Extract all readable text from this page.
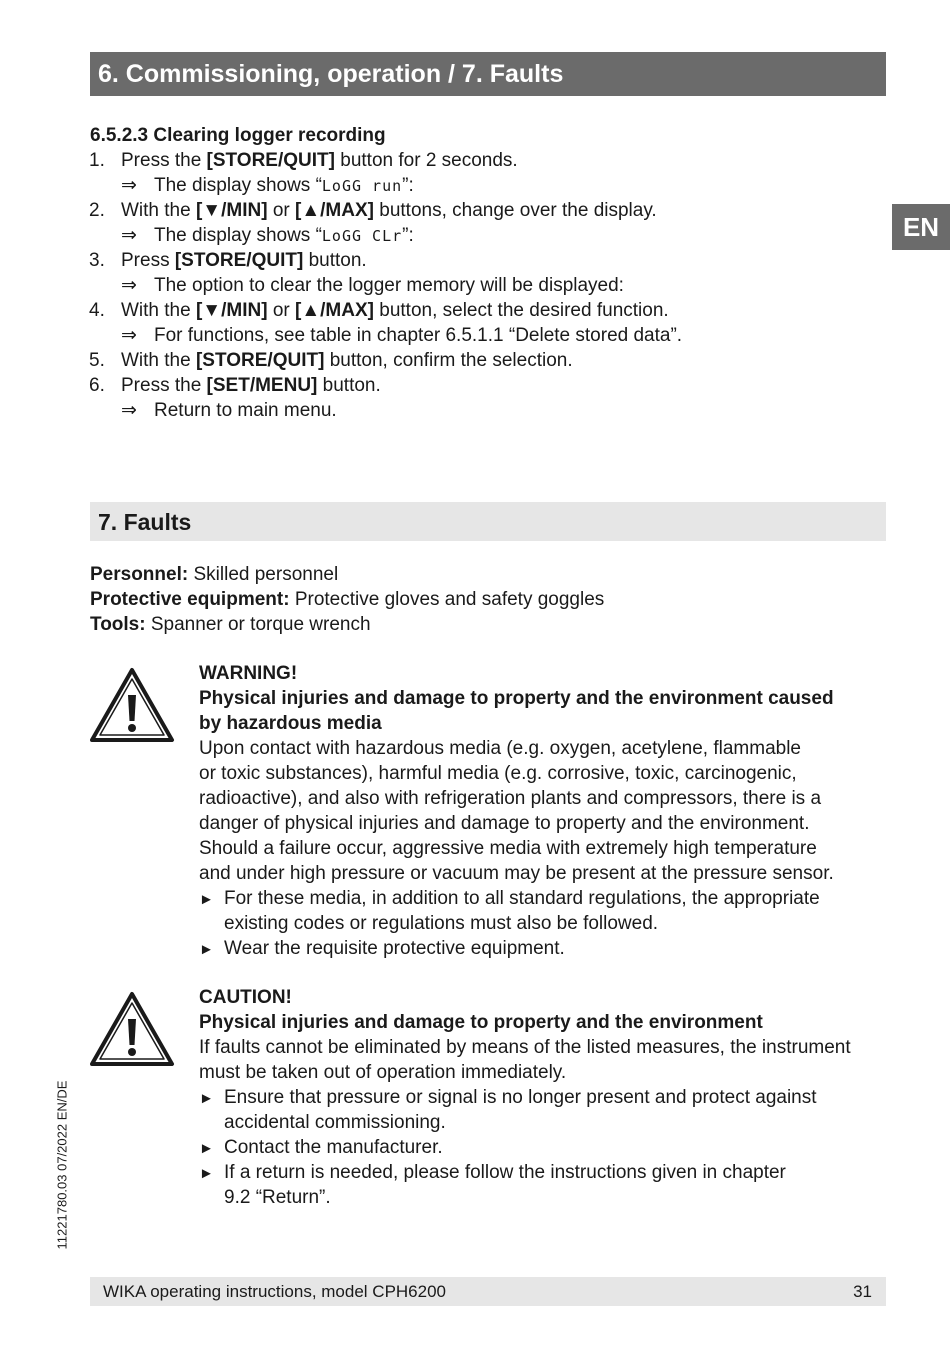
6. Commissioning, operation / 7. Faults
EN
6.5.2.3 Clearing logger recording
1. Press the [STORE/QUIT] button for 2 seconds.
⇒ The display shows “LoGG run”:
2. With the [▼/MIN] or [▲/MAX] buttons, change over the display.
⇒ The display shows “LoGG CLr”:
3. Press [STORE/QUIT] button.
⇒ The option to clear the logger memory will be displayed:
4. With the [▼/MIN] or [▲/MAX] button, select the desired function.
⇒ For functions, see table in chapter 6.5.1.1 “Delete stored data”.
5. With the [STORE/QUIT] button, confirm the selection.
6. Press the [SET/MENU] button.
⇒ Return to main menu.
7. Faults
Personnel: Skilled personnel
Protective equipment: Protective gloves and safety goggles
Tools: Spanner or torque wrench
WARNING!
Physical injuries and damage to property and the environment caused
by hazardous media
Upon contact with hazardous media (e.g. oxygen, acetylene, flammable
or toxic substances), harmful media (e.g. corrosive, toxic, carcinogenic,
radioactive), and also with refrigeration plants and compressors, there is a
danger of physical injuries and damage to property and the environment.
Should a failure occur, aggressive media with extremely high temperature
and under high pressure or vacuum may be present at the pressure sensor.
► For these media, in addition to all standard regulations, the appropriate
existing codes or regulations must also be followed.
► Wear the requisite protective equipment.
CAUTION!
Physical injuries and damage to property and the environment
If faults cannot be eliminated by means of the listed measures, the instrument
must be taken out of operation immediately.
► Ensure that pressure or signal is no longer present and protect against
accidental commissioning.
► Contact the manufacturer.
► If a return is needed, please follow the instructions given in chapter
9.2 “Return”.
11221780.03 07/2022 EN/DE
WIKA operating instructions, model CPH6200	31
